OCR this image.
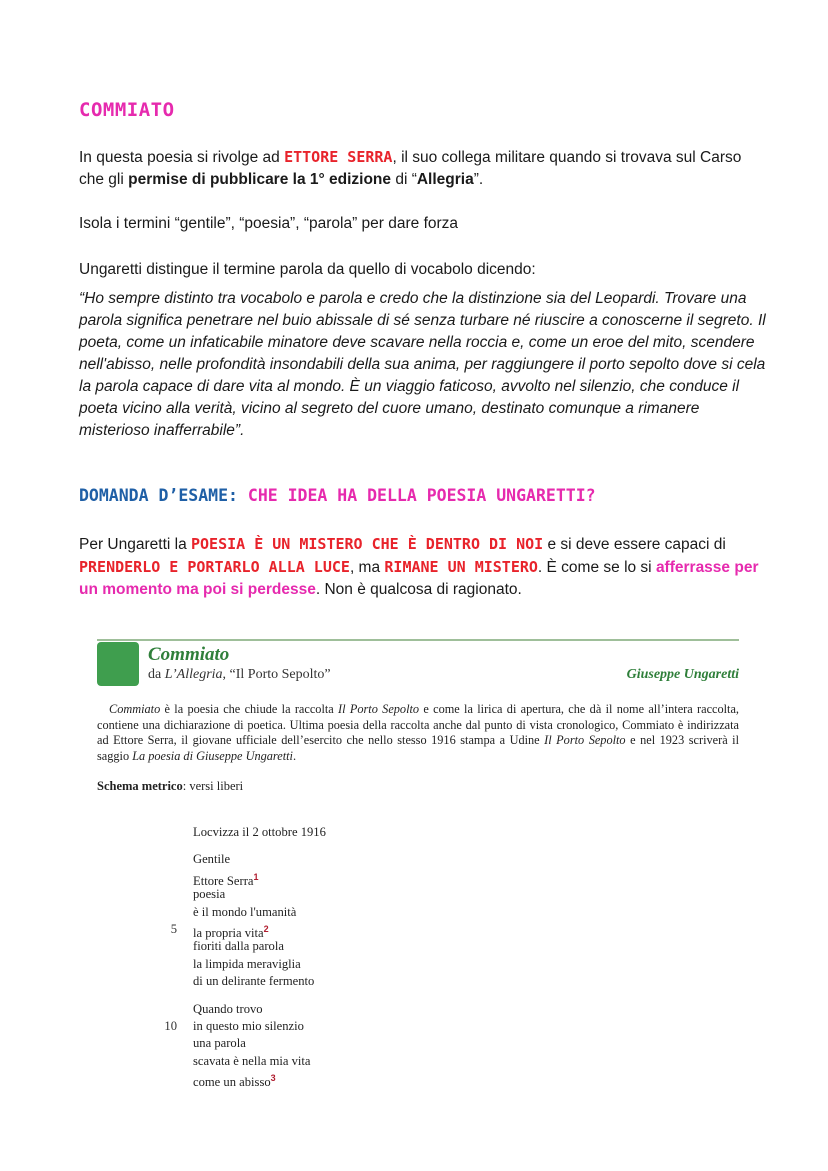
COMMIATO
In questa poesia si rivolge ad ETTORE SERRA, il suo collega militare quando si trovava sul Carso che gli permise di pubblicare la 1° edizione di “Allegria”.
Isola i termini “gentile”, “poesia”, “parola” per dare forza
Ungaretti distingue il termine parola da quello di vocabolo dicendo:
“Ho sempre distinto tra vocabolo e parola e credo che la distinzione sia del Leopardi. Trovare una parola significa penetrare nel buio abissale di sé senza turbare né riuscire a conoscerne il segreto. Il poeta, come un infaticabile minatore deve scavare nella roccia e, come un eroe del mito, scendere nell'abisso, nelle profondità insondabili della sua anima, per raggiungere il porto sepolto dove si cela la parola capace di dare vita al mondo. È un viaggio faticoso, avvolto nel silenzio, che conduce il poeta vicino alla verità, vicino al segreto del cuore umano, destinato comunque a rimanere misterioso inafferrabile”.
DOMANDA D’ESAME: CHE IDEA HA DELLA POESIA UNGARETTI?
Per Ungaretti la POESIA È UN MISTERO CHE È DENTRO DI NOI e si deve essere capaci di PRENDERLO E PORTARLO ALLA LUCE, ma RIMANE UN MISTERO. È come se lo si afferrasse per un momento ma poi si perdesse. Non è qualcosa di ragionato.
Commiato
da L’Allegria, “Il Porto Sepolto”	Giuseppe Ungaretti
Commiato è la poesia che chiude la raccolta Il Porto Sepolto e come la lirica di apertura, che dà il nome all’intera raccolta, contiene una dichiarazione di poetica. Ultima poesia della raccolta anche dal punto di vista cronologico, Commiato è indirizzata ad Ettore Serra, il giovane ufficiale dell’esercito che nello stesso 1916 stampa a Udine Il Porto Sepolto e nel 1923 scriverà il saggio La poesia di Giuseppe Ungaretti.
Schema metrico: versi liberi
Locvizza il 2 ottobre 1916
Gentile
Ettore Serra$^1$
poesia
è il mondo l'umanità
5 la propria vita$^2$
fioriti dalla parola
la limpida meraviglia
di un delirante fermento
Quando trovo
10 in questo mio silenzio
una parola
scavata è nella mia vita
come un abisso$^3$
